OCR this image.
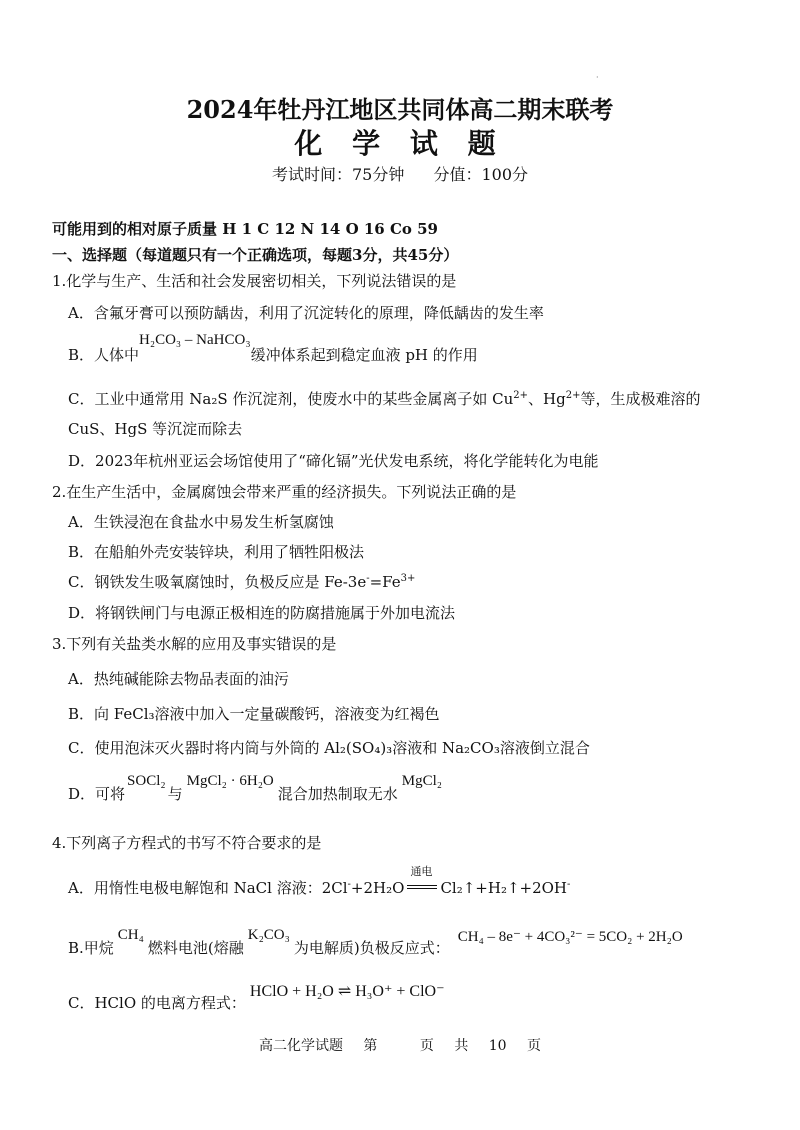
·
2024年牡丹江地区共同体高二期末联考
化 学 试 题
考试时间：75分钟 分值：100分
可能用到的相对原子质量 H 1 C 12 N 14 O 16 Co 59
一、选择题（每道题只有一个正确选项，每题3分，共45分）
1.化学与生产、生活和社会发展密切相关，下列说法错误的是
A．含氟牙膏可以预防龋齿，利用了沉淀转化的原理，降低龋齿的发生率
B．人体中H₂CO₃ – NaHCO₃缓冲体系起到稳定血液 pH 的作用
C．工业中通常用 Na₂S 作沉淀剂，使废水中的某些金属离子如 $Cu^{2+}$、$Hg^{2+}$等，生成极难溶的
CuS、HgS 等沉淀而除去
D．2023年杭州亚运会场馆使用了“碲化镉”光伏发电系统，将化学能转化为电能
2.在生产生活中，金属腐蚀会带来严重的经济损失。下列说法正确的是
A．生铁浸泡在食盐水中易发生析氢腐蚀
B．在船舶外壳安装锌块，利用了牺牲阳极法
C．钢铁发生吸氧腐蚀时，负极反应是 $Fe-3e^-=Fe^{3+}$
D．将钢铁闸门与电源正极相连的防腐措施属于外加电流法
3.下列有关盐类水解的应用及事实错误的是
A．热纯碱能除去物品表面的油污
B．向 FeCl₃溶液中加入一定量碳酸钙，溶液变为红褐色
C．使用泡沫灭火器时将内筒与外筒的 Al₂(SO₄)₃溶液和 Na₂CO₃溶液倒立混合
D．可将SOCl₂与MgCl₂ · 6H₂O混合加热制取无水MgCl₂
4.下列离子方程式的书写不符合要求的是
A．用惰性电极电解饱和 NaCl 溶液：2Cl-+2H₂O
通电
Cl₂↑+H₂↑+2OH-
B.甲烷CH₄燃料电池(熔融K₂CO₃为电解质)负极反应式：CH₄ – 8e⁻ + 4CO₃²⁻ = 5CO₂ + 2H₂O
C．HClO 的电离方程式：HClO + H₂O ⇌ H₃O⁺ + ClO⁻
高二化学试题 第	页 共 10 页
